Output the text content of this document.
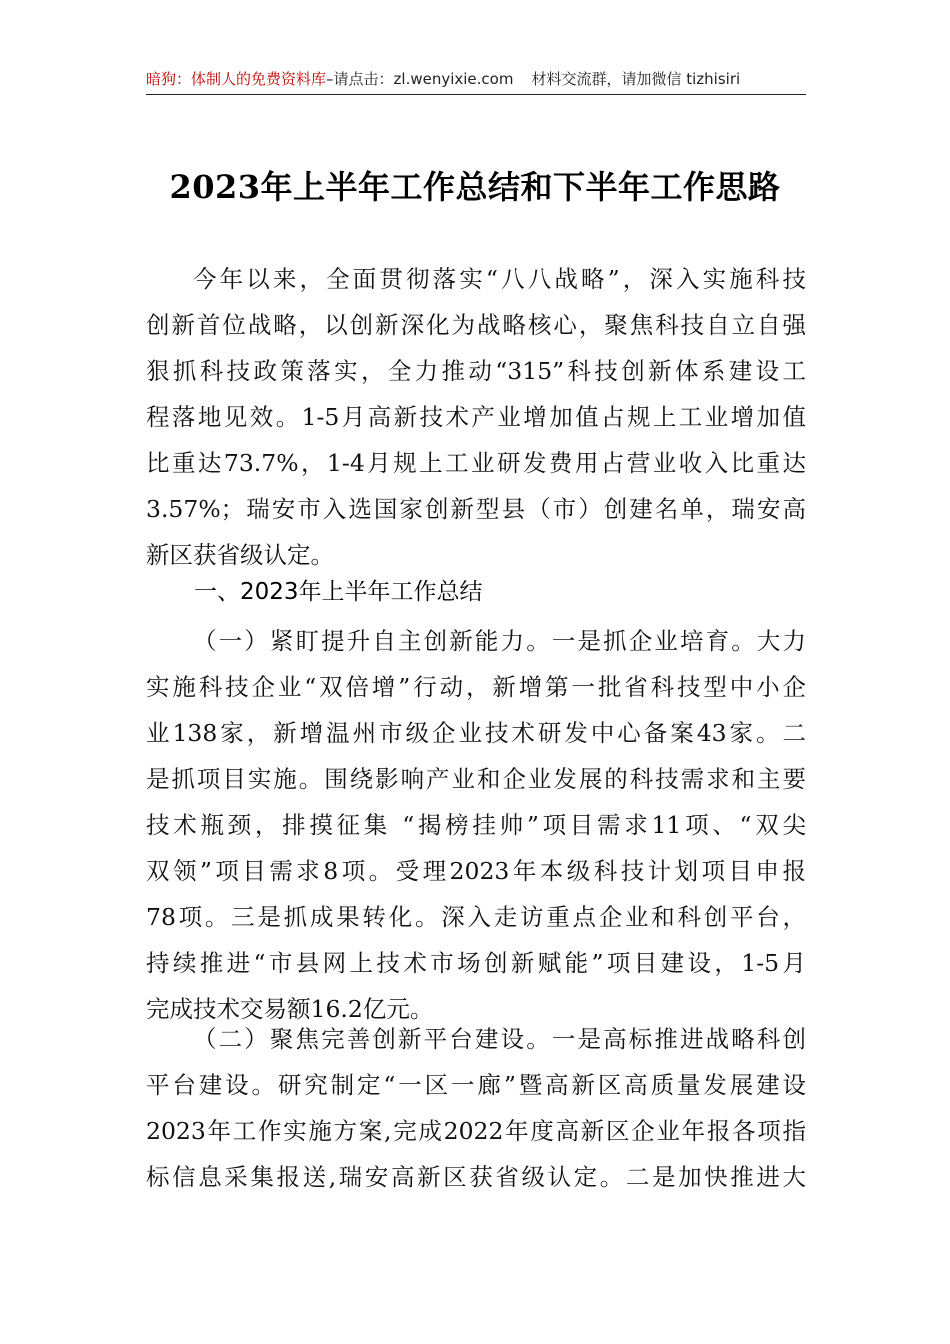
暗狗：体制人的免费资料库–请点击：zl.wenyixie.com 材料交流群，请加微信 tizhisiri
2023年上半年工作总结和下半年工作思路
今年以来，全面贯彻落实“八八战略”，深入实施科技
创新首位战略，以创新深化为战略核心，聚焦科技自立自强
狠抓科技政策落实，全力推动“315”科技创新体系建设工
程落地见效。1-5月高新技术产业增加值占规上工业增加值
比重达73.7%，1-4月规上工业研发费用占营业收入比重达
3.57%；瑞安市入选国家创新型县（市）创建名单，瑞安高
新区获省级认定。
一、2023年上半年工作总结
（一）紧盯提升自主创新能力。一是抓企业培育。大力
实施科技企业“双倍增”行动，新增第一批省科技型中小企
业138家，新增温州市级企业技术研发中心备案43家。二
是抓项目实施。围绕影响产业和企业发展的科技需求和主要
技术瓶颈，排摸征集 “揭榜挂帅”项目需求11项、“双尖
双领”项目需求8项。受理2023年本级科技计划项目申报
78项。三是抓成果转化。深入走访重点企业和科创平台，
持续推进“市县网上技术市场创新赋能”项目建设，1-5月
完成技术交易额16.2亿元。
（二）聚焦完善创新平台建设。一是高标推进战略科创
平台建设。研究制定“一区一廊”暨高新区高质量发展建设
2023年工作实施方案,完成2022年度高新区企业年报各项指
标信息采集报送,瑞安高新区获省级认定。二是加快推进大
